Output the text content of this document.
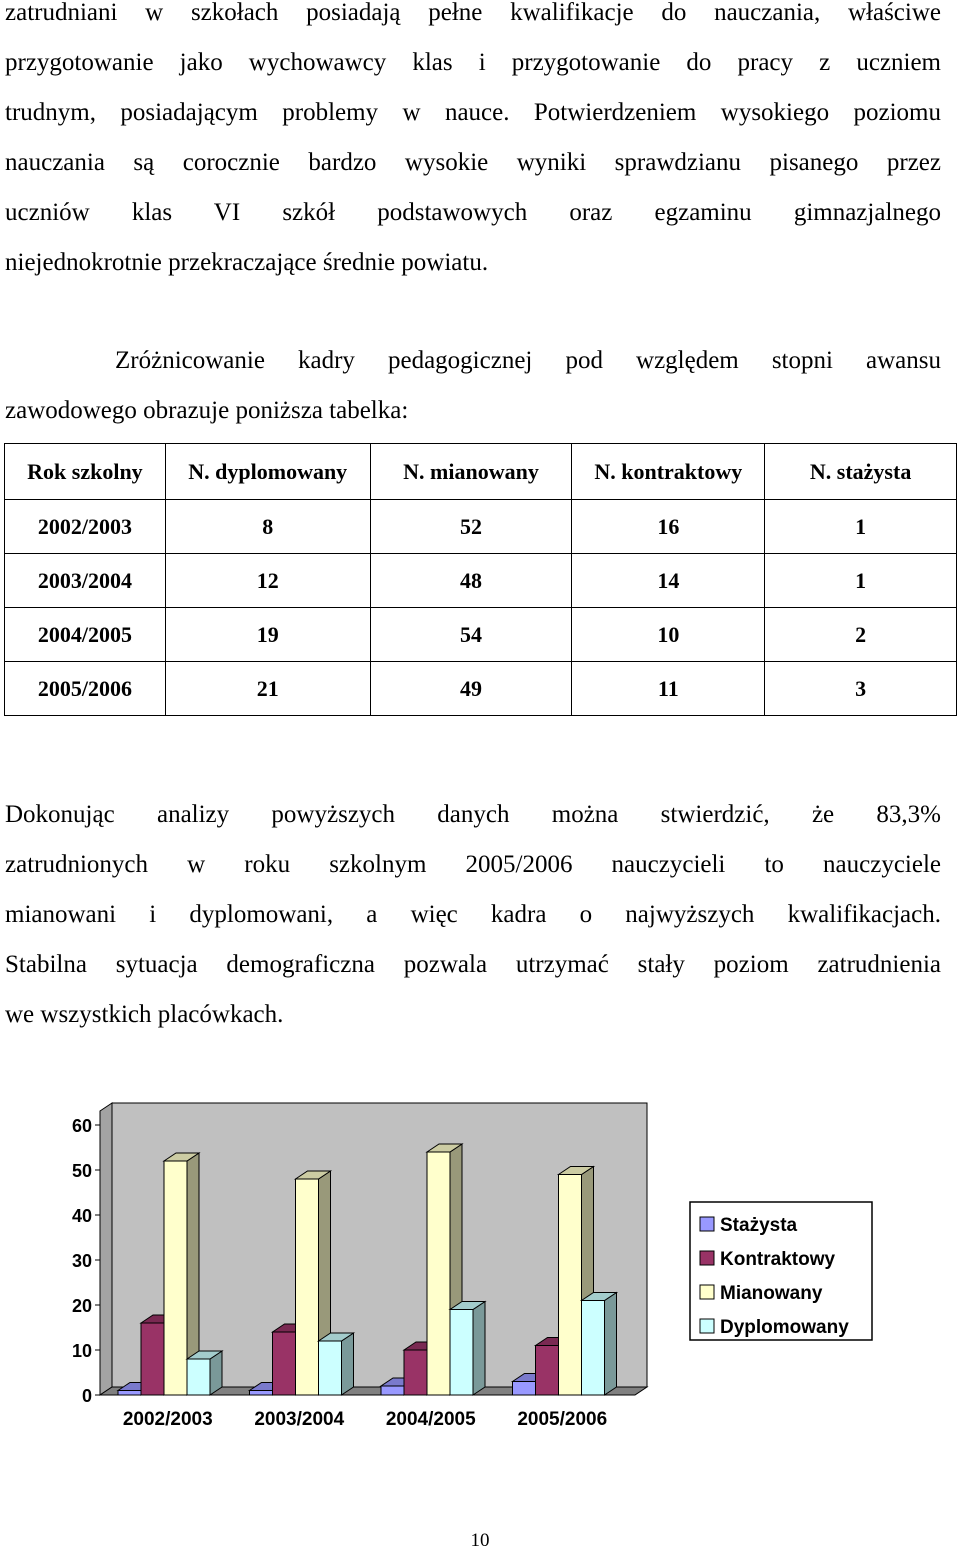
zatrudniani w szkołach posiadają pełne kwalifikacje do nauczania, właściwe
przygotowanie jako wychowawcy klas i przygotowanie do pracy z uczniem
trudnym, posiadającym problemy w nauce. Potwierdzeniem wysokiego poziomu
nauczania są corocznie bardzo wysokie wyniki sprawdzianu pisanego przez
uczniów klas VI szkół podstawowych oraz egzaminu gimnazjalnego
niejednokrotnie przekraczające średnie powiatu.
Zróżnicowanie kadry pedagogicznej pod względem stopni awansu
zawodowego obrazuje poniższa tabelka:
Rok szkolny	N. dyplomowany	N. mianowany	N. kontraktowy	N. stażysta
2002/2003	8	52	16	1
2003/2004	12	48	14	1
2004/2005	19	54	10	2
2005/2006	21	49	11	3
Dokonując analizy powyższych danych można stwierdzić, że 83,3%
zatrudnionych w roku szkolnym 2005/2006 nauczycieli to nauczyciele
mianowani i dyplomowani, a więc kadra o najwyższych kwalifikacjach.
Stabilna sytuacja demograficzna pozwala utrzymać stały poziom zatrudnienia
we wszystkich placówkach.
0
10
20
30
40
50
60
2002/2003 2003/2004 2004/2005 2005/2006
Stażysta
Kontraktowy
Mianowany
Dyplomowany
10
